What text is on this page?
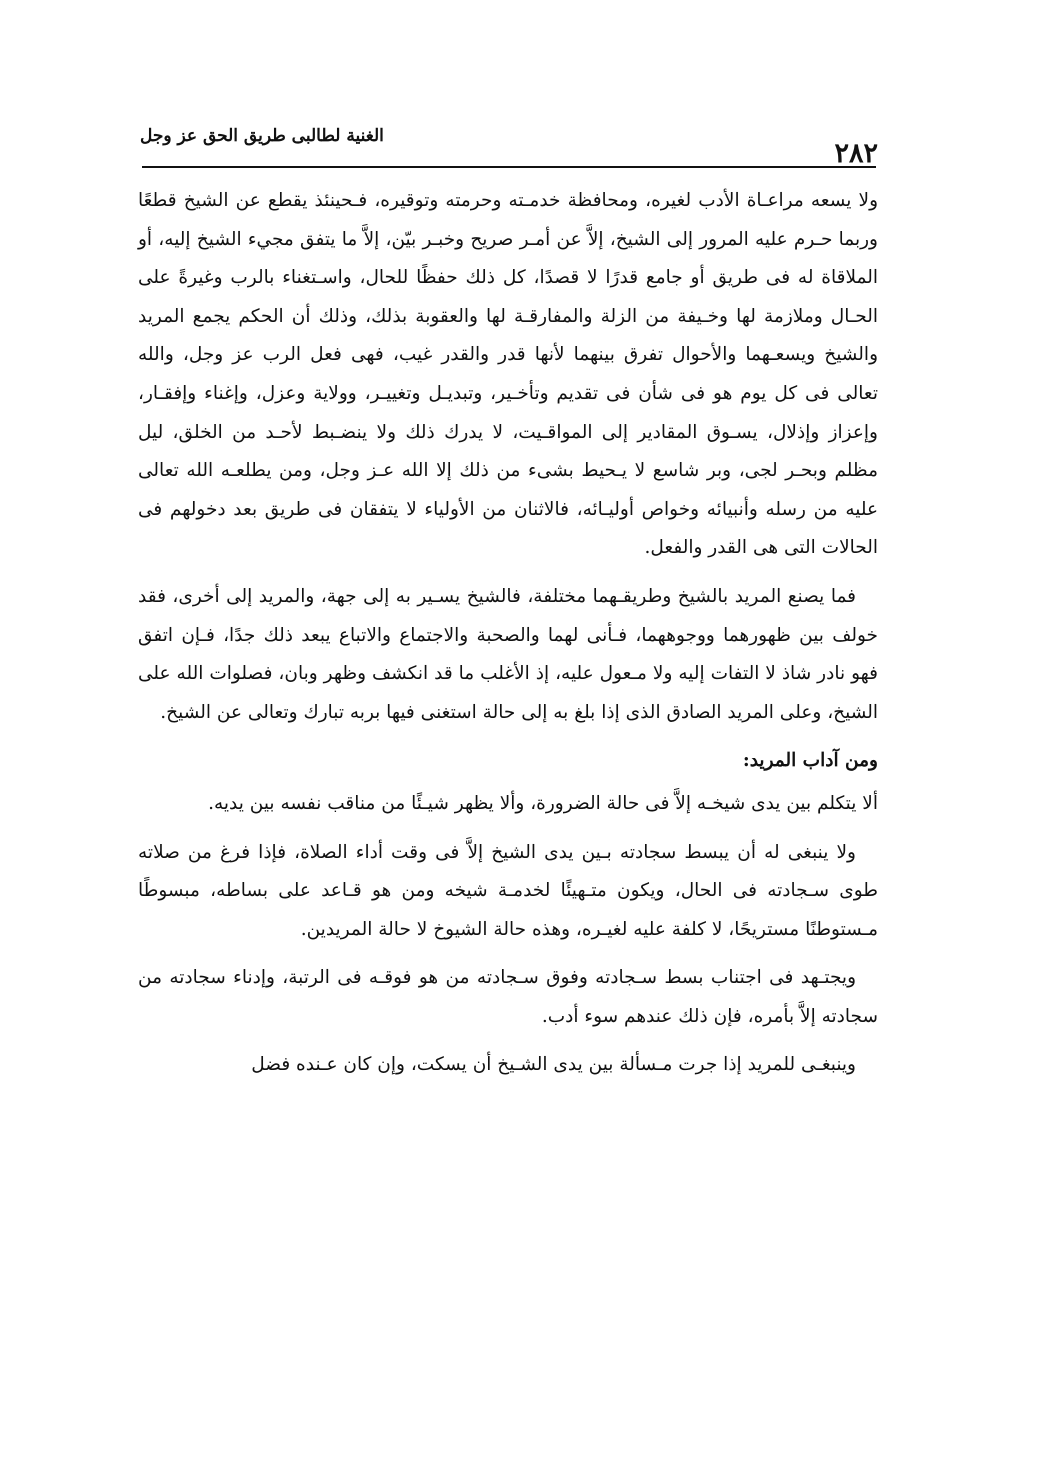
٢٨٢
الغنية لطالبى طريق الحق عز وجل

ولا يسعه مراعـاة الأدب لغيره، ومحافظة خدمـته وحرمته وتوقيره، فـحينئذ يقطع عن الشيخ قطعًا وربما حـرم عليه المرور إلى الشيخ، إلاَّ عن أمـر صريح وخبـر بيّن، إلاَّ ما يتفق مجيء الشيخ إليه، أو الملاقاة له فى طريق أو جامع قدرًا لا قصدًا، كل ذلك حفظًا للحال، واسـتغناء بالرب وغيرةً على الحـال وملازمة لها وخـيفة من الزلة والمفارقـة لها والعقوبة بذلك، وذلك أن الحكم يجمع المريد والشيخ ويسعـهما والأحوال تفرق بينهما لأنها قدر والقدر غيب، فهى فعل الرب عز وجل، والله تعالى فى كل يوم هو فى شأن فى تقديم وتأخـير، وتبديـل وتغييـر، وولاية وعزل، وإغناء وإفقـار، وإعزاز وإذلال، يسـوق المقادير إلى المواقـيت، لا يدرك ذلك ولا ينضـبط لأحـد من الخلق، ليل مظلم وبحـر لجى، وبر شاسع لا يـحيط بشىء من ذلك إلا الله عـز وجل، ومن يطلعـه الله تعالى عليه من رسله وأنبيائه وخواص أوليـائه، فالاثنان من الأولياء لا يتفقان فى طريق بعد دخولهم فى الحالات التى هى القدر والفعل.

فما يصنع المريد بالشيخ وطريقـهما مختلفة، فالشيخ يسـير به إلى جهة، والمريد إلى أخرى، فقد خولف بين ظهورهما ووجوههما، فـأنى لهما والصحبة والاجتماع والاتباع يبعد ذلك جدًا، فـإن اتفق فهو نادر شاذ لا التفات إليه ولا مـعول عليه، إذ الأغلب ما قد انكشف وظهر وبان، فصلوات الله على الشيخ، وعلى المريد الصادق الذى إذا بلغ به إلى حالة استغنى فيها بربه تبارك وتعالى عن الشيخ.

ومن آداب المريد:

ألا يتكلم بين يدى شيخـه إلاَّ فى حالة الضرورة، وألا يظهر شيـئًا من مناقب نفسه بين يديه.

ولا ينبغى له أن يبسط سجادته بـين يدى الشيخ إلاَّ فى وقت أداء الصلاة، فإذا فرغ من صلاته طوى سـجادته فى الحال، ويكون متـهيئًا لخدمـة شيخه ومن هو قـاعد على بساطه، مبسوطًا مـستوطنًا مستريحًا، لا كلفة عليه لغيـره، وهذه حالة الشيوخ لا حالة المريدين.

ويجتـهد فى اجتناب بسط سـجادته وفوق سـجادته من هو فوقـه فى الرتبة، وإدناء سجادته من سجادته إلاَّ بأمره، فإن ذلك عندهم سوء أدب.

وينبغـى للمريد إذا جرت مـسألة بين يدى الشـيخ أن يسكت، وإن كان عـنده فضل
